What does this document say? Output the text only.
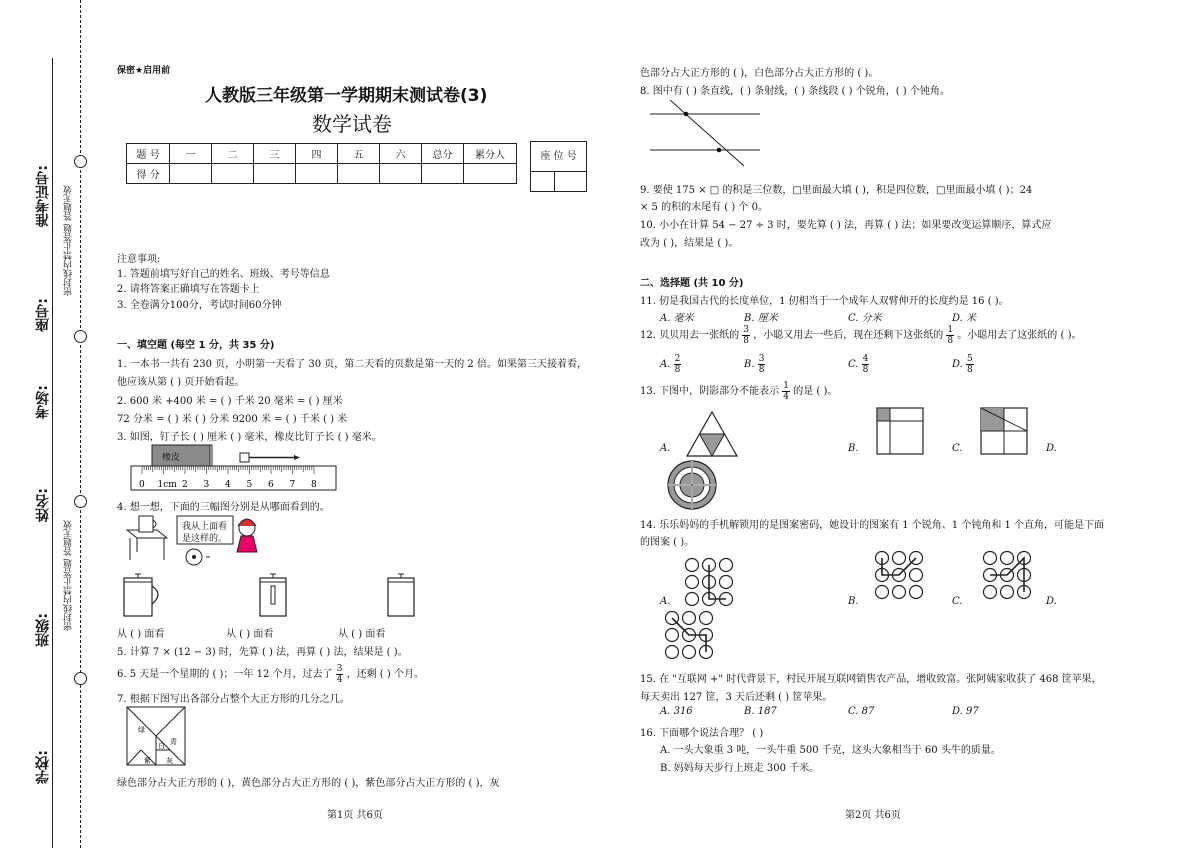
学校:
班级:
姓名:
考场:
座号:
准考证号: 密封线内禁止答题 答题无效
密封线内禁止答题 答题无效
保密★启用前
人教版三年级第一学期期末测试卷(3)
数学试卷
题 号	一	二	三	四	五	六	总分	累分人
得 分								
座 位 号

注意事项:
1. 答题前填写好自己的姓名、班级、考号等信息
2. 请将答案正确填写在答题卡上
3. 全卷满分100分，考试时间60分钟
一、填空题 (每空 1 分，共 35 分)
1. 一本书一共有 230 页，小明第一天看了 30 页，第二天看的页数是第一天的 2 倍。如果第三天接着看，
他应该从第 ( ) 页开始看起。
2. 600 米 +400 米 = ( ) 千米 20 毫米 = ( ) 厘米
72 分米 = ( ) 米 ( ) 分米 9200 米 = ( ) 千米 ( ) 米
3. 如图，钉子长 ( ) 厘米 ( ) 毫米，橡皮比钉子长 ( ) 毫米。
橡皮
0 1cm 2 3 4 5 6 7 8
4. 想一想，下面的三幅图分别是从哪面看到的。
我从上面看
是这样的。
从 ( ) 面看	从 ( ) 面看	从 ( ) 面看
5. 计算 7 × (12 − 3) 时，先算 ( ) 法，再算 ( ) 法，结果是 ( )。
6. 5 天是一个星期的 ( )；一年 12 个月，过去了 $\frac{3}{4}$ ，还剩 ( ) 个月。
7. 根据下图写出各部分占整个大正方形的几分之几。
绿
青
白
紫 灰
绿色部分占大正方形的 ( )，黄色部分占大正方形的 ( )，紫色部分占大正方形的 ( )，灰
第1页 共6页
色部分占大正方形的 ( )，白色部分占大正方形的 ( )。
8. 图中有 ( ) 条直线，( ) 条射线，( ) 条线段 ( ) 个锐角，( ) 个钝角。
9. 要使 175 × □ 的积是三位数，□里面最大填 ( )，积是四位数，□里面最小填 ( )；24
× 5 的积的末尾有 ( ) 个 0。
10. 小小在计算 54 − 27 ÷ 3 时，要先算 ( ) 法，再算 ( ) 法；如果要改变运算顺序，算式应
改为 ( )，结果是 ( )。
二、选择题 (共 10 分)
11. 仞是我国古代的长度单位，1 仞相当于一个成年人双臂伸开的长度约是 16 ( )。
A. 毫米	B. 厘米	C. 分米	D. 米
12. 贝贝用去一张纸的 $\frac{3}{8}$ ，小聪又用去一些后，现在还剩下这张纸的 $\frac{1}{8}$ 。小聪用去了这张纸的 ( )。
A. $\frac{2}{8}$	B. $\frac{3}{8}$	C. $\frac{4}{8}$	D. $\frac{5}{8}$
13. 下图中，阴影部分不能表示 $\frac{1}{4}$ 的是 ( )。
A.	B.	C.	D.
14. 乐乐妈妈的手机解锁用的是图案密码，她设计的图案有 1 个锐角、1 个钝角和 1 个直角，可能是下面
的图案 ( )。
A.	B.	C.	D.
15. 在 "互联网 +" 时代背景下，村民开展互联网销售农产品，增收致富。张阿姨家收获了 468 筐苹果，
每天卖出 127 筐，3 天后还剩 ( ) 筐苹果。
A. 316	B. 187	C. 87	D. 97
16. 下面哪个说法合理？ ( )
A. 一头大象重 3 吨，一头牛重 500 千克，这头大象相当于 60 头牛的质量。
B. 妈妈每天步行上班走 300 千米。
第2页 共6页
